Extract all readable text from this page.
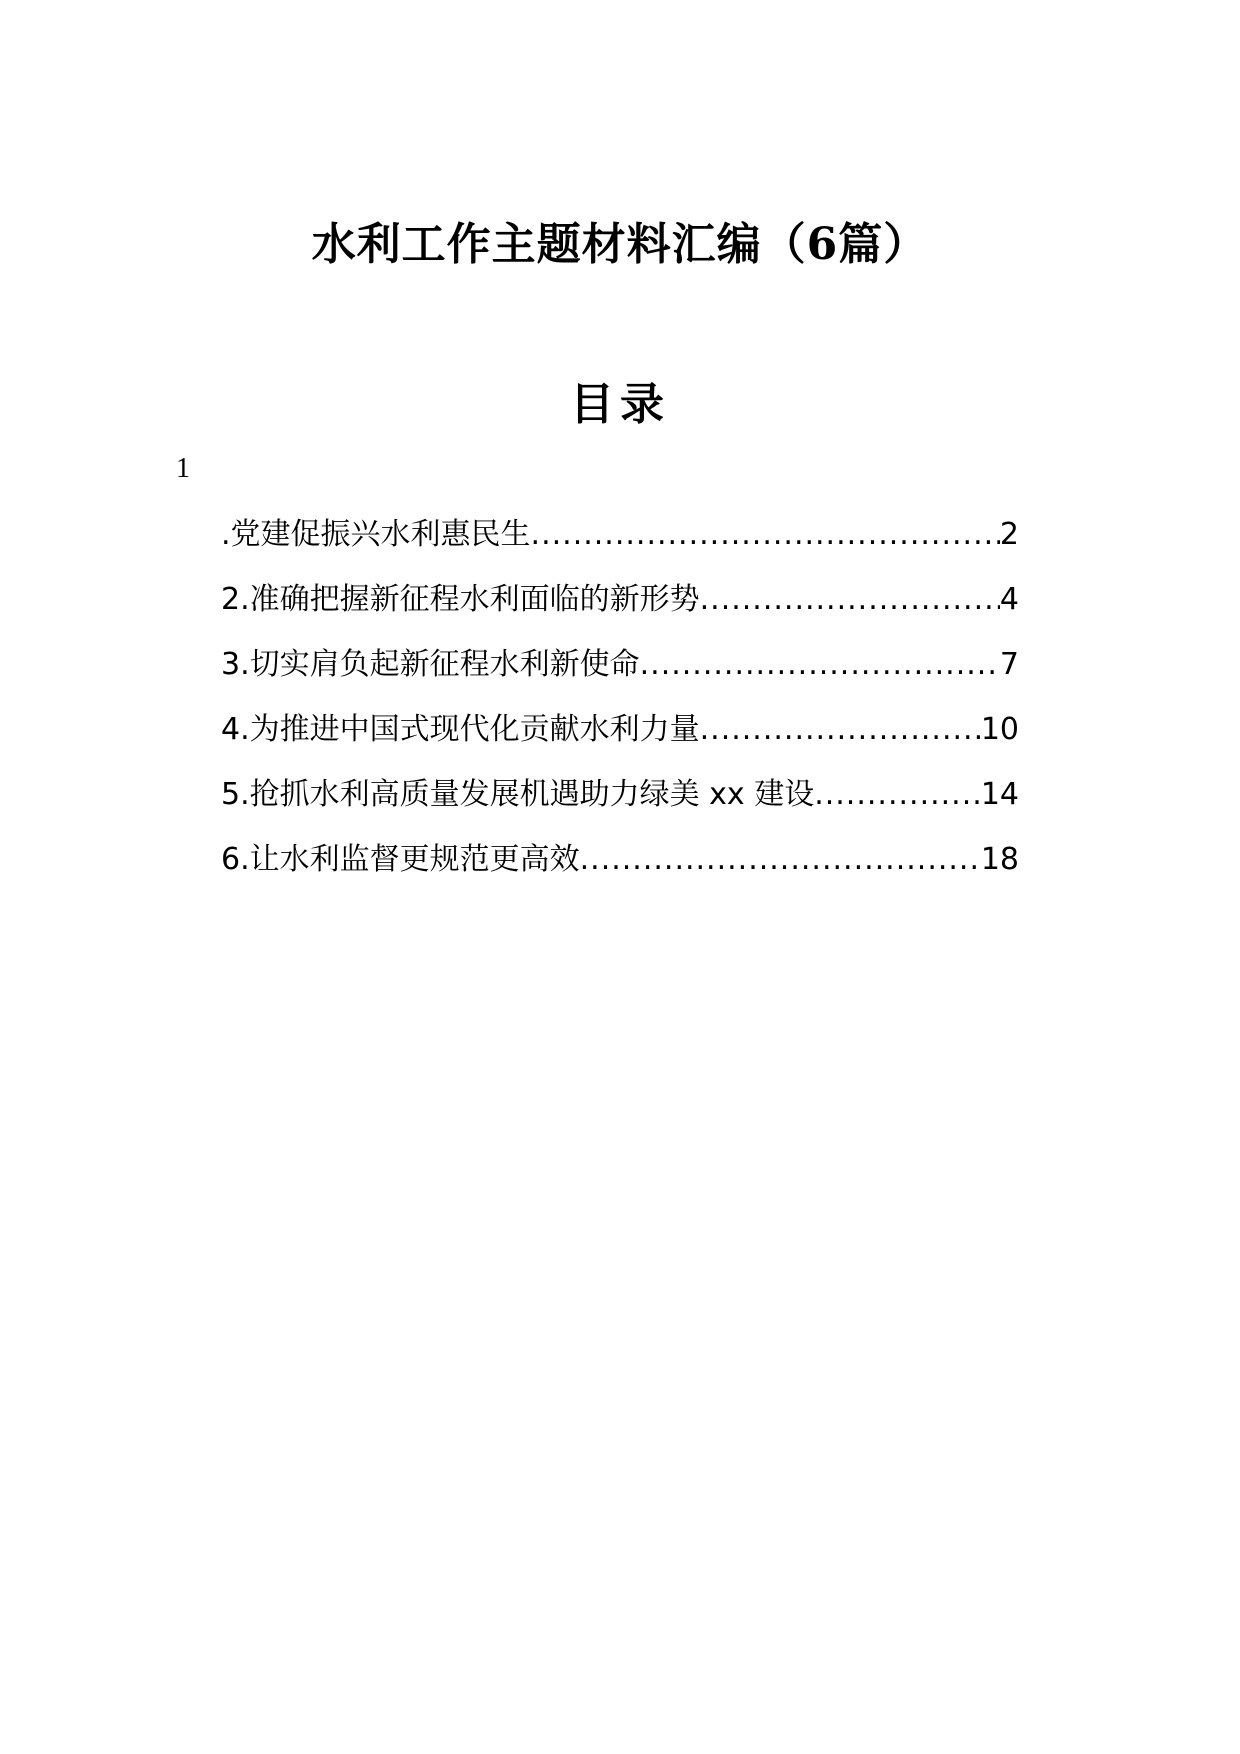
水利工作主题材料汇编（6篇）
目录
1
.党建促振兴水利惠民生 .....	2
2.准确把握新征程水利面临的新形势 .....	4
3.切实肩负起新征程水利新使命 .....	7
4.为推进中国式现代化贡献水利力量 .....	10
5.抢抓水利高质量发展机遇助力绿美 xx 建设 .....	14
6.让水利监督更规范更高效 .....	18
